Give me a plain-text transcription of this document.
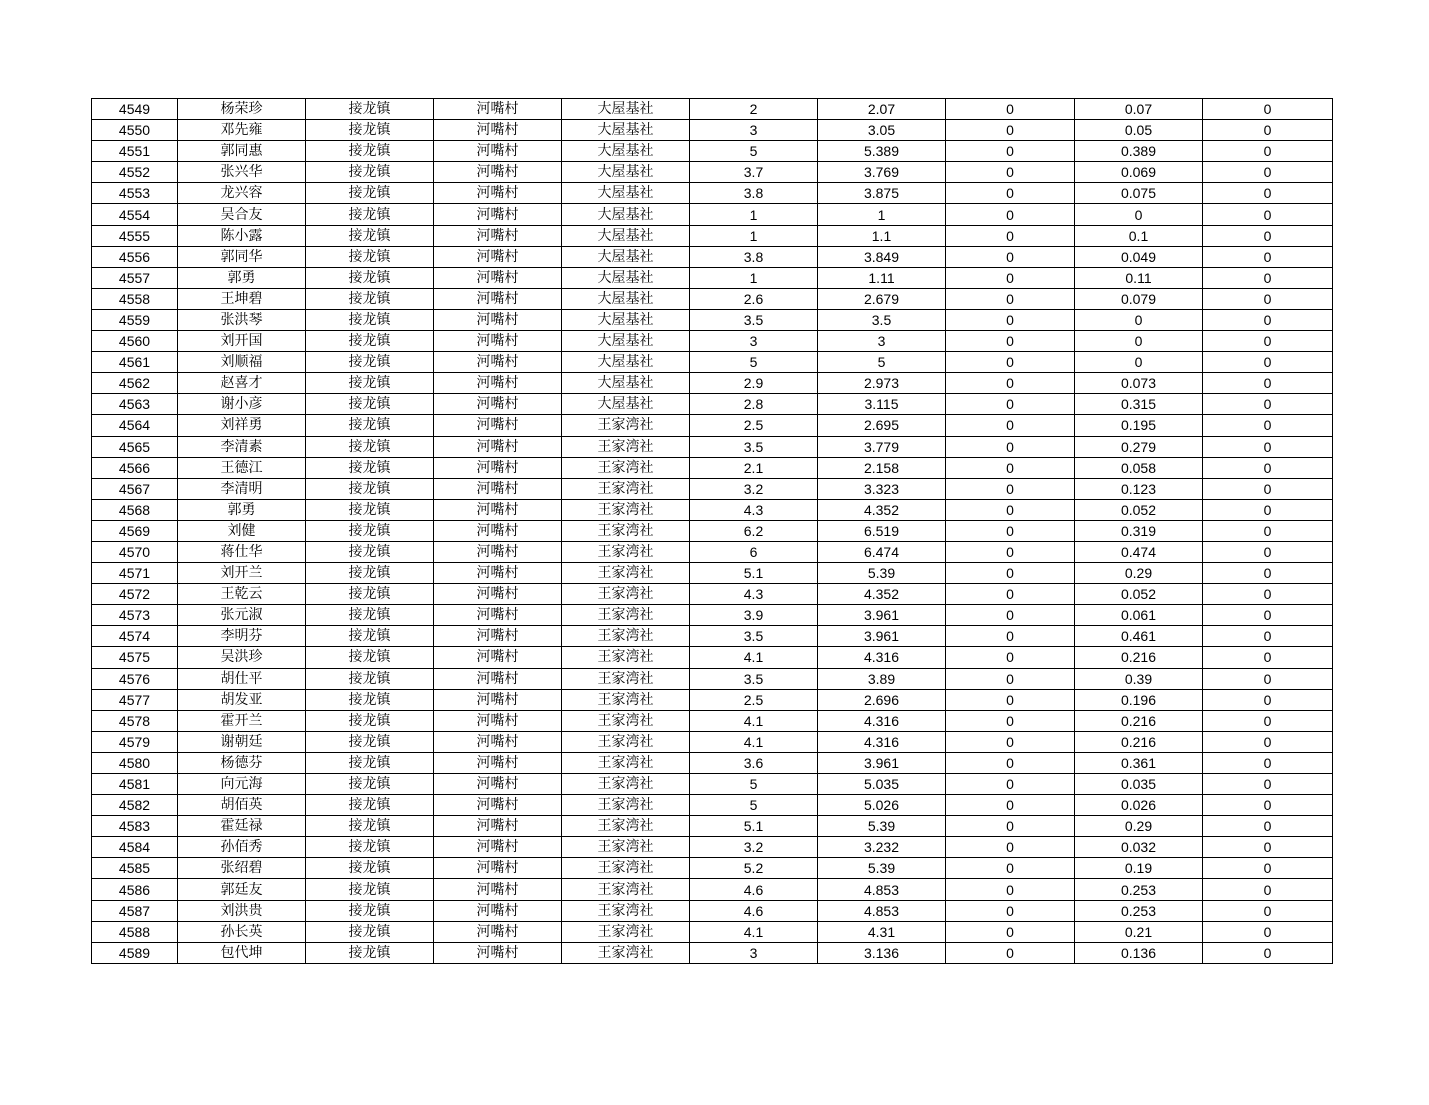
4549	杨荣珍	接龙镇	河嘴村	大屋基社	2	2.07	0	0.07	0
4550	邓先雍	接龙镇	河嘴村	大屋基社	3	3.05	0	0.05	0
4551	郭同惠	接龙镇	河嘴村	大屋基社	5	5.389	0	0.389	0
4552	张兴华	接龙镇	河嘴村	大屋基社	3.7	3.769	0	0.069	0
4553	龙兴容	接龙镇	河嘴村	大屋基社	3.8	3.875	0	0.075	0
4554	吴合友	接龙镇	河嘴村	大屋基社	1	1	0	0	0
4555	陈小露	接龙镇	河嘴村	大屋基社	1	1.1	0	0.1	0
4556	郭同华	接龙镇	河嘴村	大屋基社	3.8	3.849	0	0.049	0
4557	郭勇	接龙镇	河嘴村	大屋基社	1	1.11	0	0.11	0
4558	王坤碧	接龙镇	河嘴村	大屋基社	2.6	2.679	0	0.079	0
4559	张洪琴	接龙镇	河嘴村	大屋基社	3.5	3.5	0	0	0
4560	刘开国	接龙镇	河嘴村	大屋基社	3	3	0	0	0
4561	刘顺福	接龙镇	河嘴村	大屋基社	5	5	0	0	0
4562	赵喜才	接龙镇	河嘴村	大屋基社	2.9	2.973	0	0.073	0
4563	谢小彦	接龙镇	河嘴村	大屋基社	2.8	3.115	0	0.315	0
4564	刘祥勇	接龙镇	河嘴村	王家湾社	2.5	2.695	0	0.195	0
4565	李清素	接龙镇	河嘴村	王家湾社	3.5	3.779	0	0.279	0
4566	王德江	接龙镇	河嘴村	王家湾社	2.1	2.158	0	0.058	0
4567	李清明	接龙镇	河嘴村	王家湾社	3.2	3.323	0	0.123	0
4568	郭勇	接龙镇	河嘴村	王家湾社	4.3	4.352	0	0.052	0
4569	刘健	接龙镇	河嘴村	王家湾社	6.2	6.519	0	0.319	0
4570	蒋仕华	接龙镇	河嘴村	王家湾社	6	6.474	0	0.474	0
4571	刘开兰	接龙镇	河嘴村	王家湾社	5.1	5.39	0	0.29	0
4572	王乾云	接龙镇	河嘴村	王家湾社	4.3	4.352	0	0.052	0
4573	张元淑	接龙镇	河嘴村	王家湾社	3.9	3.961	0	0.061	0
4574	李明芬	接龙镇	河嘴村	王家湾社	3.5	3.961	0	0.461	0
4575	吴洪珍	接龙镇	河嘴村	王家湾社	4.1	4.316	0	0.216	0
4576	胡仕平	接龙镇	河嘴村	王家湾社	3.5	3.89	0	0.39	0
4577	胡发亚	接龙镇	河嘴村	王家湾社	2.5	2.696	0	0.196	0
4578	霍开兰	接龙镇	河嘴村	王家湾社	4.1	4.316	0	0.216	0
4579	谢朝廷	接龙镇	河嘴村	王家湾社	4.1	4.316	0	0.216	0
4580	杨德芬	接龙镇	河嘴村	王家湾社	3.6	3.961	0	0.361	0
4581	向元海	接龙镇	河嘴村	王家湾社	5	5.035	0	0.035	0
4582	胡佰英	接龙镇	河嘴村	王家湾社	5	5.026	0	0.026	0
4583	霍廷禄	接龙镇	河嘴村	王家湾社	5.1	5.39	0	0.29	0
4584	孙佰秀	接龙镇	河嘴村	王家湾社	3.2	3.232	0	0.032	0
4585	张绍碧	接龙镇	河嘴村	王家湾社	5.2	5.39	0	0.19	0
4586	郭廷友	接龙镇	河嘴村	王家湾社	4.6	4.853	0	0.253	0
4587	刘洪贵	接龙镇	河嘴村	王家湾社	4.6	4.853	0	0.253	0
4588	孙长英	接龙镇	河嘴村	王家湾社	4.1	4.31	0	0.21	0
4589	包代坤	接龙镇	河嘴村	王家湾社	3	3.136	0	0.136	0
